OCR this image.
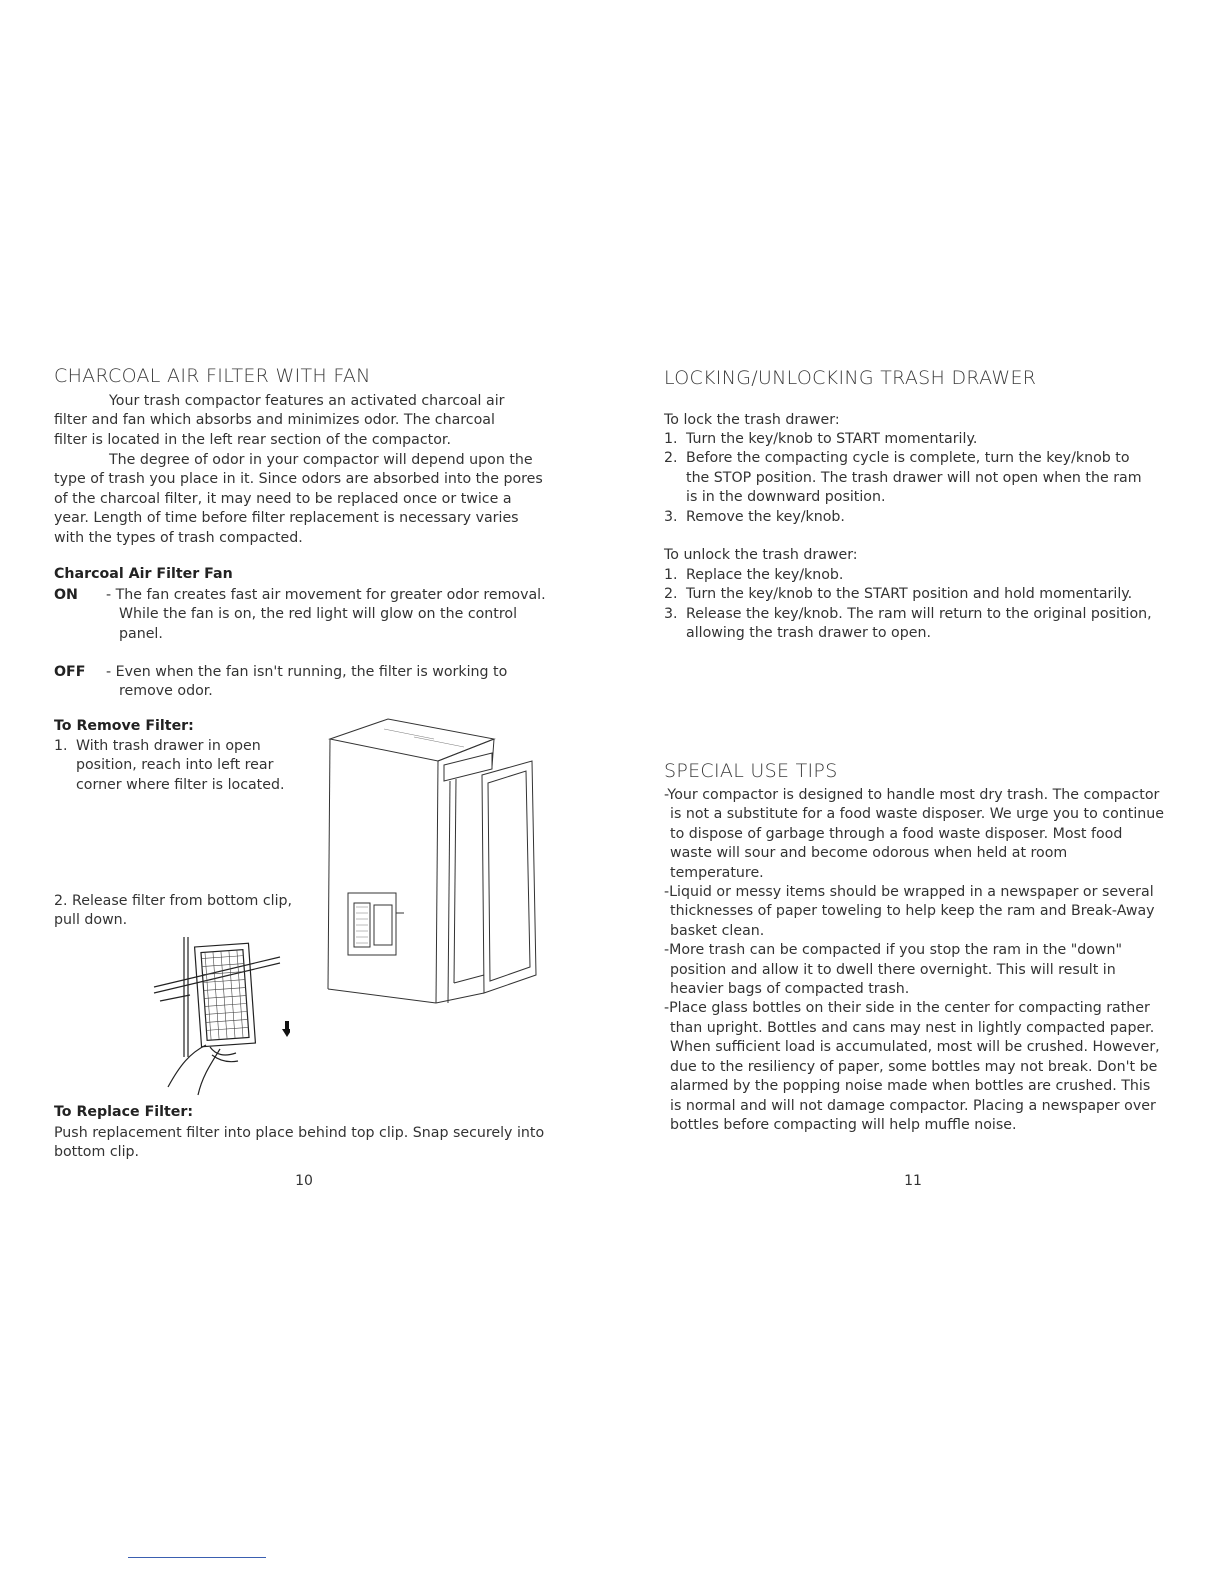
CHARCOAL AIR FILTER WITH FAN

Your trash compactor features an activated charcoal air filter and fan which absorbs and minimizes odor. The charcoal filter is located in the left rear section of the compactor.

The degree of odor in your compactor will depend upon the type of trash you place in it. Since odors are absorbed into the pores of the charcoal filter, it may need to be replaced once or twice a year. Length of time before filter replacement is necessary varies with the types of trash compacted.

Charcoal Air Filter Fan
ON - The fan creates fast air movement for greater odor removal. While the fan is on, the red light will glow on the control panel.
OFF - Even when the fan isn't running, the filter is working to remove odor.
To Remove Filter:
1. With trash drawer in open position, reach into left rear corner where filter is located.

2. Release filter from bottom clip, pull down.

To Replace Filter:

Push replacement filter into place behind top clip. Snap securely into bottom clip.

10
LOCKING/UNLOCKING TRASH DRAWER

To lock the trash drawer:

1. Turn the key/knob to START momentarily.
2. Before the compacting cycle is complete, turn the key/knob to the STOP position. The trash drawer will not open when the ram is in the downward position.
3. Remove the key/knob.

To unlock the trash drawer:

1. Replace the key/knob.
2. Turn the key/knob to the START position and hold momentarily.
3. Release the key/knob. The ram will return to the original position, allowing the trash drawer to open.
SPECIAL USE TIPS
-Your compactor is designed to handle most dry trash. The compactor is not a substitute for a food waste disposer. We urge you to continue to dispose of garbage through a food waste disposer. Most food waste will sour and become odorous when held at room temperature.
-Liquid or messy items should be wrapped in a newspaper or several thicknesses of paper toweling to help keep the ram and Break-Away basket clean.
-More trash can be compacted if you stop the ram in the "down" position and allow it to dwell there overnight. This will result in heavier bags of compacted trash.
-Place glass bottles on their side in the center for compacting rather than upright. Bottles and cans may nest in lightly compacted paper. When sufficient load is accumulated, most will be crushed. However, due to the resiliency of paper, some bottles may not break. Don't be alarmed by the popping noise made when bottles are crushed. This is normal and will not damage compactor. Placing a newspaper over bottles before compacting will help muffle noise.
11
